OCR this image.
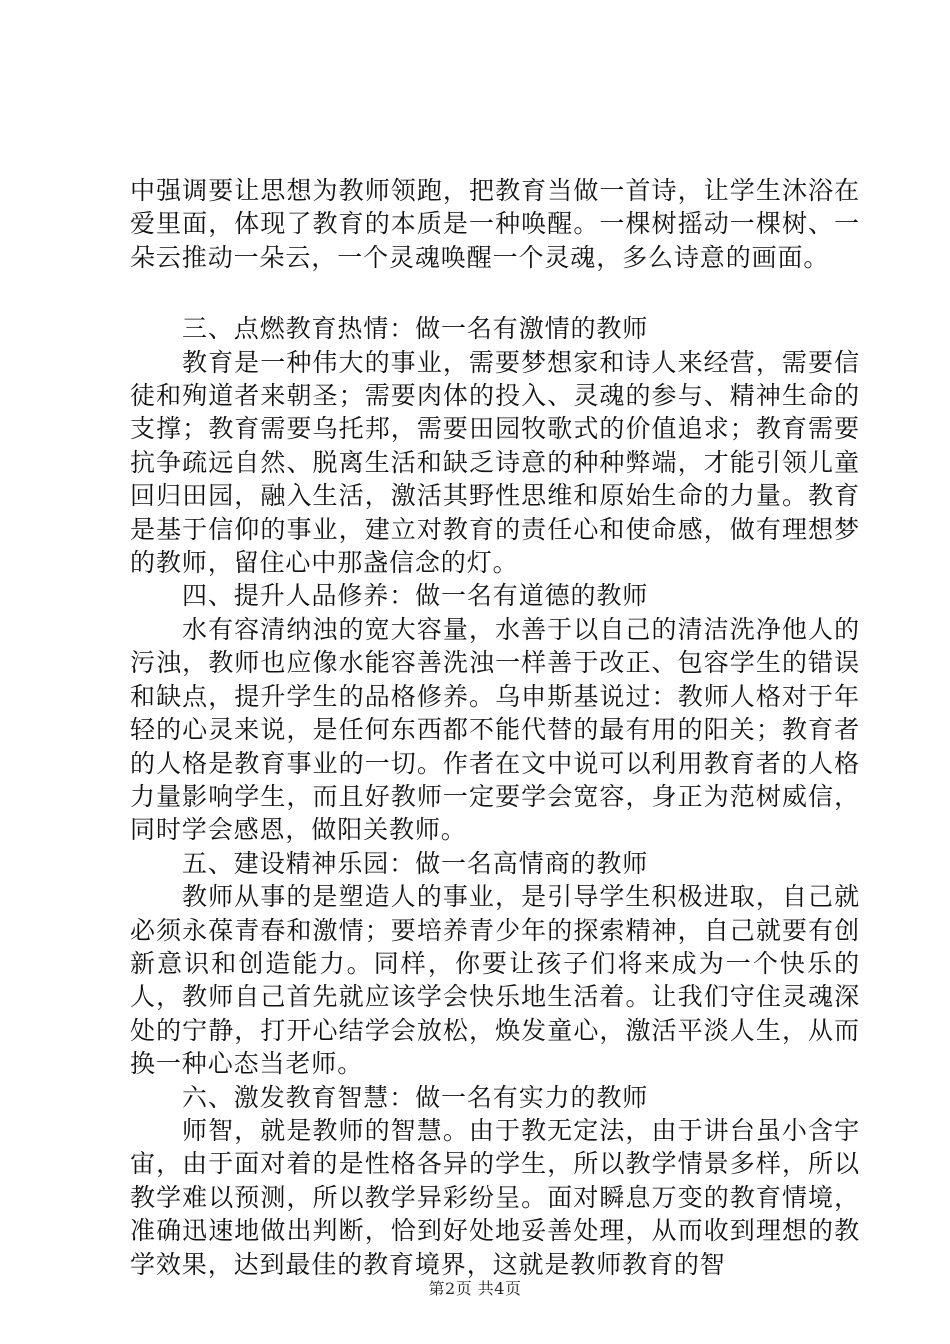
中强调要让思想为教师领跑，把教育当做一首诗，让学生沐浴在爱里面，体现了教育的本质是一种唤醒。一棵树摇动一棵树、一朵云推动一朵云，一个灵魂唤醒一个灵魂，多么诗意的画面。

三、点燃教育热情：做一名有激情的教师

教育是一种伟大的事业，需要梦想家和诗人来经营，需要信徒和殉道者来朝圣；需要肉体的投入、灵魂的参与、精神生命的支撑；教育需要乌托邦，需要田园牧歌式的价值追求；教育需要抗争疏远自然、脱离生活和缺乏诗意的种种弊端，才能引领儿童回归田园，融入生活，激活其野性思维和原始生命的力量。教育是基于信仰的事业，建立对教育的责任心和使命感，做有理想梦的教师，留住心中那盏信念的灯。

四、提升人品修养：做一名有道德的教师

水有容清纳浊的宽大容量，水善于以自己的清洁洗净他人的污浊，教师也应像水能容善洗浊一样善于改正、包容学生的错误和缺点，提升学生的品格修养。乌申斯基说过：教师人格对于年轻的心灵来说，是任何东西都不能代替的最有用的阳关；教育者的人格是教育事业的一切。作者在文中说可以利用教育者的人格力量影响学生，而且好教师一定要学会宽容，身正为范树威信，同时学会感恩，做阳关教师。

五、建设精神乐园：做一名高情商的教师

教师从事的是塑造人的事业，是引导学生积极进取，自己就必须永葆青春和激情；要培养青少年的探索精神，自己就要有创新意识和创造能力。同样，你要让孩子们将来成为一个快乐的人，教师自己首先就应该学会快乐地生活着。让我们守住灵魂深处的宁静，打开心结学会放松，焕发童心，激活平淡人生，从而换一种心态当老师。

六、激发教育智慧：做一名有实力的教师

师智，就是教师的智慧。由于教无定法，由于讲台虽小含宇宙，由于面对着的是性格各异的学生，所以教学情景多样，所以教学难以预测，所以教学异彩纷呈。面对瞬息万变的教育情境，准确迅速地做出判断，恰到好处地妥善处理，从而收到理想的教学效果，达到最佳的教育境界，这就是教师教育的智

第2页 共4页
